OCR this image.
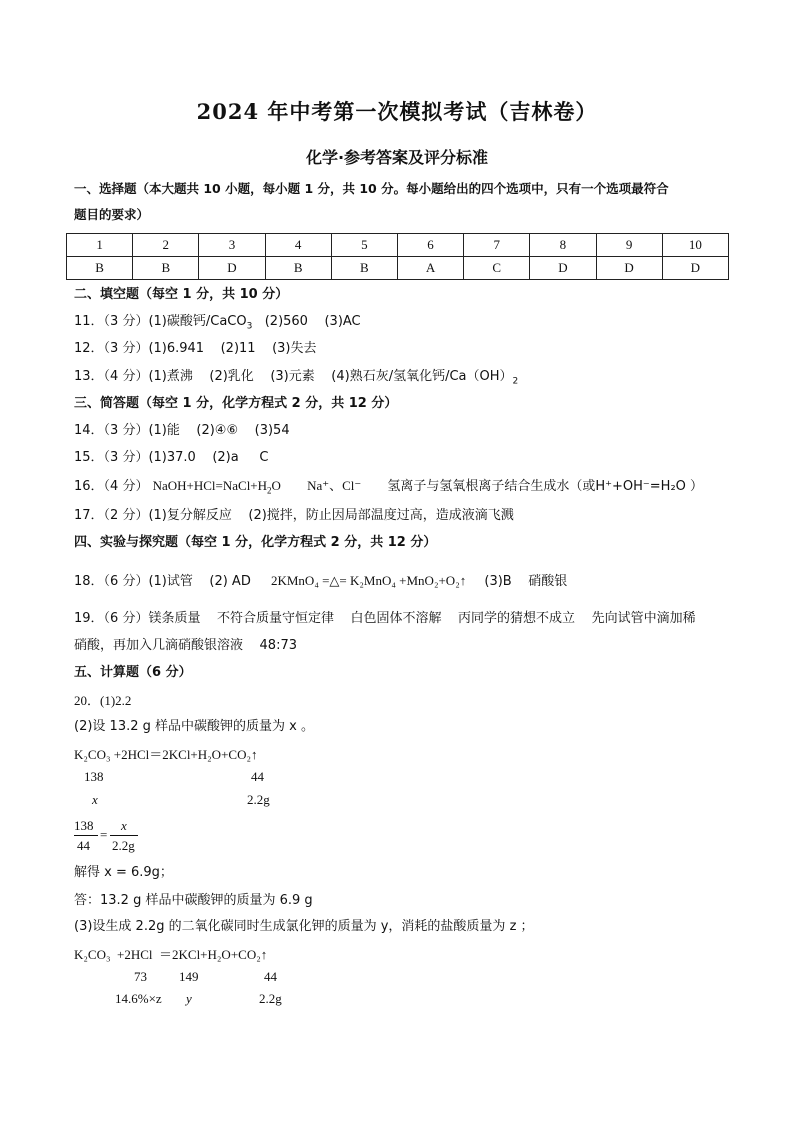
2024 年中考第一次模拟考试（吉林卷）
化学·参考答案及评分标准
一、选择题（本大题共 10 小题，每小题 1 分，共 10 分。每小题给出的四个选项中，只有一个选项最符合
题目的要求）
1	2	3	4	5	6	7	8	9	10
B	B	D	B	B	A	C	D	D	D
二、填空题（每空 1 分，共 10 分）
11．（3 分）(1)碳酸钙/CaCO$_3$   (2)560    (3)AC
12．（3 分）(1)6.941    (2)11    (3)失去
13．（4 分）(1)煮沸    (2)乳化    (3)元素    (4)熟石灰/氢氧化钙$/Ca(OH)_2$
三、简答题（每空 1 分，化学方程式 2 分，共 12 分）
14．（3 分）(1)能    (2)④⑥    (3)54
15．（3 分）(1)37.0    (2)a     C
16．（4 分） $NaOH+HCl=NaCl+H_2O$ Na⁺、Cl⁻ 氢离子与氢氧根离子结合生成水（或H⁺+OH⁻=H₂O ）
17．（2 分）(1)复分解反应    (2)搅拌，防止因局部温度过高，造成液滴飞溅
四、实验与探究题（每空 1 分，化学方程式 2 分，共 12 分）
18．（6 分）(1)试管    (2) AD 2KMnO₄ =△= K₂MnO₄ +MnO₂+O₂↑ (3)B    硝酸银
19．（6 分）镁条质量    不符合质量守恒定律    白色固体不溶解    丙同学的猜想不成立    先向试管中滴加稀
硝酸，再加入几滴硝酸银溶液    48:73
五、计算题（6 分）
20．(1)2.2
(2)设 13.2 g 样品中碳酸钾的质量为 x 。
K₂CO₃ +2HCl＝2KCl+H₂O+CO₂↑
138	44
x	2.2g
138
44
=
x
2.2g
解得 x = 6.9g；
答：13.2 g 样品中碳酸钾的质量为 6.9 g
(3)设生成 2.2g 的二氧化碳同时生成氯化钾的质量为 y，消耗的盐酸质量为 z ；
K₂CO₃  +2HCl  ＝2KCl+H₂O+CO₂↑
73 149	44
14.6%×z y	2.2g
